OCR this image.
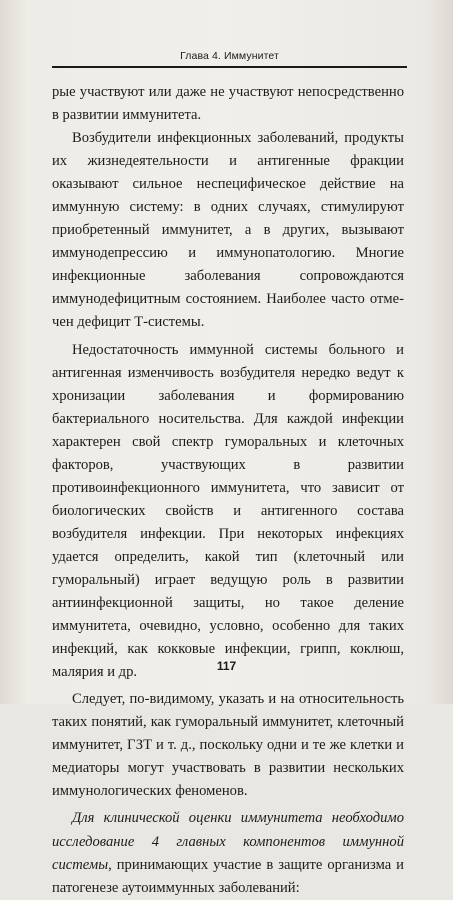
Глава 4. Иммунитет

рые участвуют или даже не участвуют непосредственно в развитии иммунитета.

Возбудители инфекционных заболеваний, продукты их жизнедеятельности и антигенные фракции оказывают сильное неспецифическое действие на иммунную систему: в одних случаях, стимулируют приобретенный иммунитет, а в других, вызывают иммунодепрессию и иммунопатологию. Многие инфекционные заболевания сопровождаются иммунодефицитным состоянием. Наиболее часто отмечен дефицит Т-системы.

Недостаточность иммунной системы больного и антигенная изменчивость возбудителя нередко ведут к хронизации заболевания и формированию бактериального носительства. Для каждой инфекции характерен свой спектр гуморальных и клеточных факторов, участвующих в развитии противоинфекционного иммунитета, что зависит от биологических свойств и антигенного состава возбудителя инфекции. При некоторых инфекциях удается определить, какой тип (клеточный или гуморальный) играет ведущую роль в развитии антиинфекционной защиты, но такое деление иммунитета, очевидно, условно, особенно для таких инфекций, как кокковые инфекции, грипп, коклюш, малярия и др.

Следует, по-видимому, указать и на относительность таких понятий, как гуморальный иммунитет, клеточный иммунитет, ГЗТ и т. д., поскольку одни и те же клетки и медиаторы могут участвовать в развитии нескольких иммунологических феноменов.

Для клинической оценки иммунитета необходимо исследование 4 главных компонентов иммунной системы, принимающих участие в защите организма и патогенезе аутоиммунных заболеваний:

117
